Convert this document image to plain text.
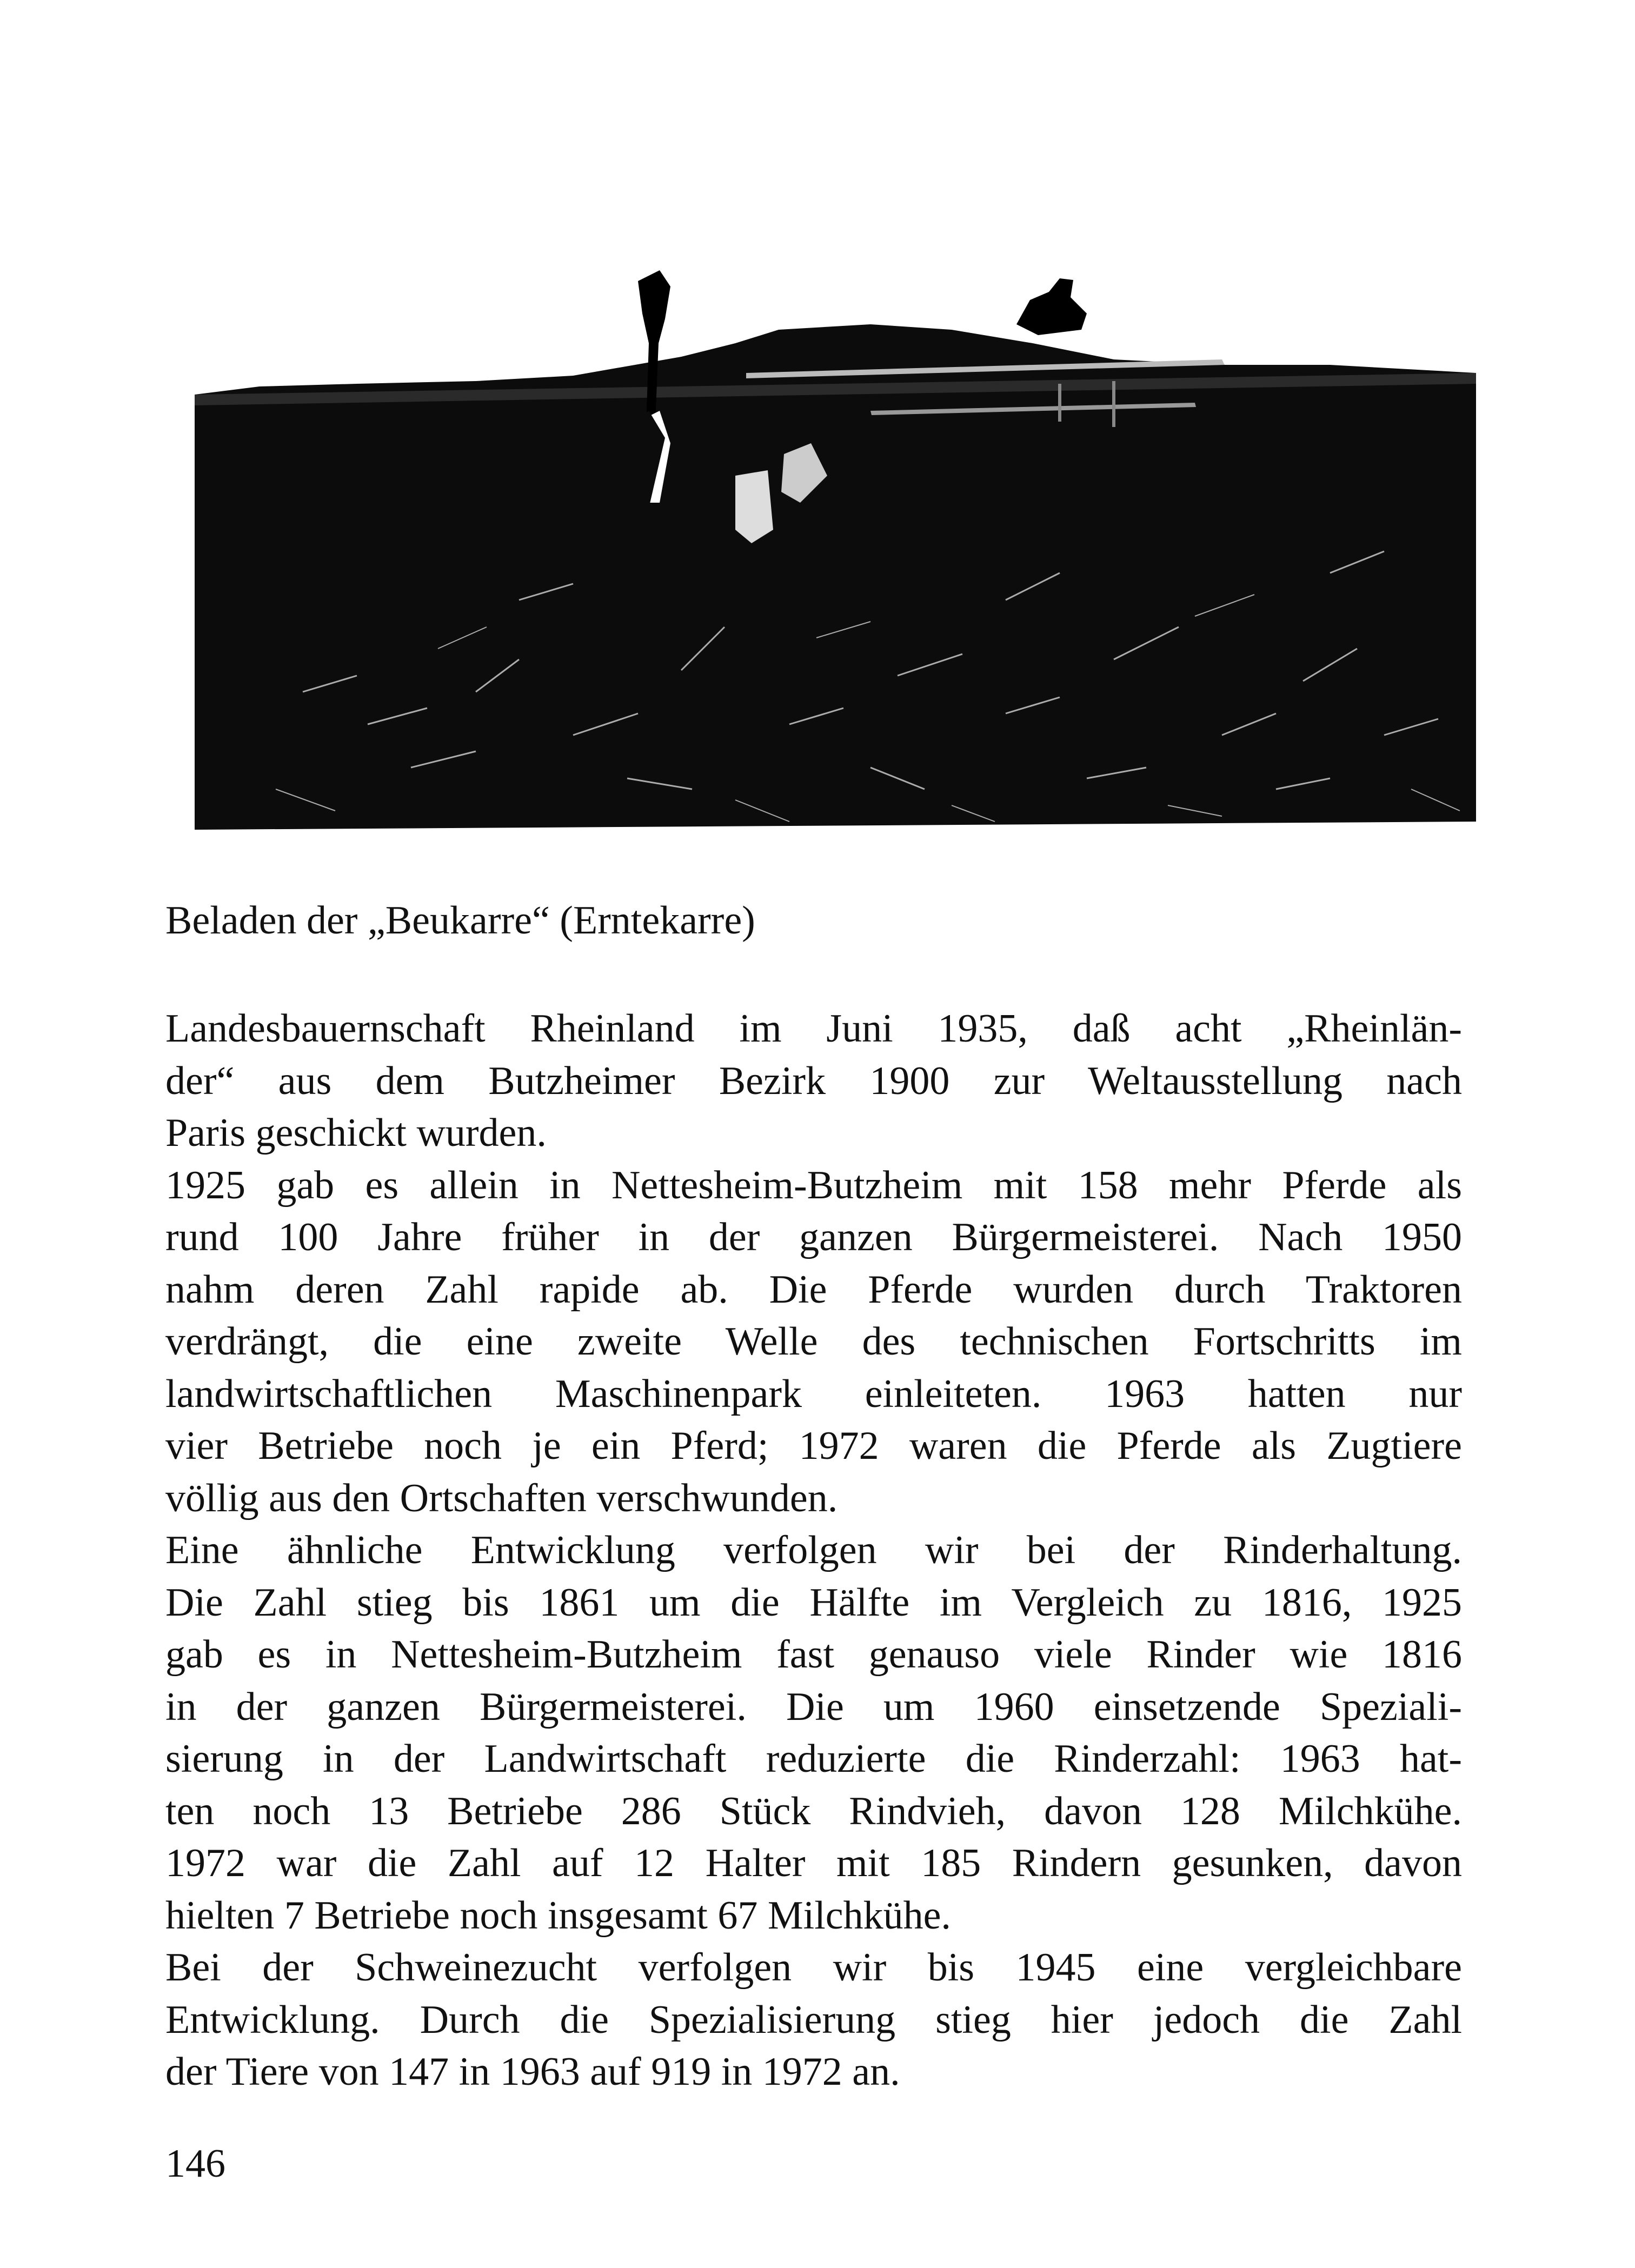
Beladen der „Beukarre“ (Erntekarre)
Landesbauernschaft Rheinland im Juni 1935, daß acht „Rheinlän-
der“ aus dem Butzheimer Bezirk 1900 zur Weltausstellung nach
Paris geschickt wurden.
1925 gab es allein in Nettesheim-Butzheim mit 158 mehr Pferde als
rund 100 Jahre früher in der ganzen Bürgermeisterei. Nach 1950
nahm deren Zahl rapide ab. Die Pferde wurden durch Traktoren
verdrängt, die eine zweite Welle des technischen Fortschritts im
landwirtschaftlichen Maschinenpark einleiteten. 1963 hatten nur
vier Betriebe noch je ein Pferd; 1972 waren die Pferde als Zugtiere
völlig aus den Ortschaften verschwunden.
Eine ähnliche Entwicklung verfolgen wir bei der Rinderhaltung.
Die Zahl stieg bis 1861 um die Hälfte im Vergleich zu 1816, 1925
gab es in Nettesheim-Butzheim fast genauso viele Rinder wie 1816
in der ganzen Bürgermeisterei. Die um 1960 einsetzende Speziali-
sierung in der Landwirtschaft reduzierte die Rinderzahl: 1963 hat-
ten noch 13 Betriebe 286 Stück Rindvieh, davon 128 Milchkühe.
1972 war die Zahl auf 12 Halter mit 185 Rindern gesunken, davon
hielten 7 Betriebe noch insgesamt 67 Milchkühe.
Bei der Schweinezucht verfolgen wir bis 1945 eine vergleichbare
Entwicklung. Durch die Spezialisierung stieg hier jedoch die Zahl
der Tiere von 147 in 1963 auf 919 in 1972 an.
146
